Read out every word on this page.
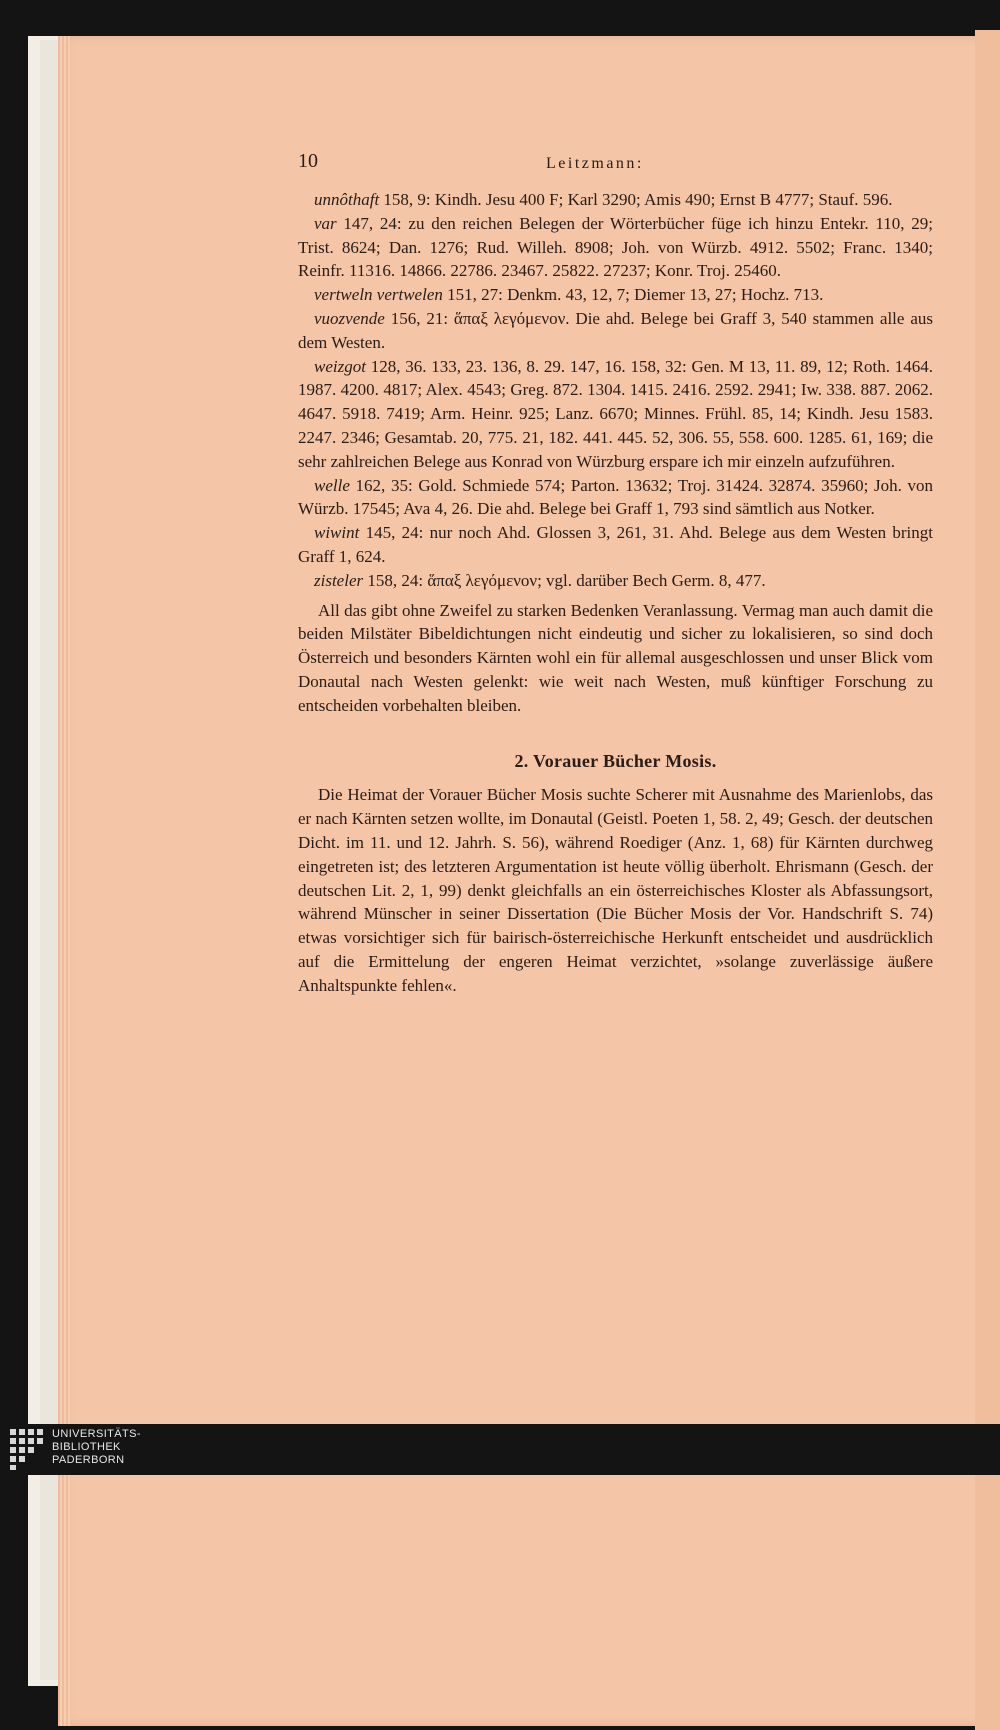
10	Leitzmann:

unnôthaft 158, 9: Kindh. Jesu 400 F; Karl 3290; Amis 490; Ernst B 4777; Stauf. 596.

var 147, 24: zu den reichen Belegen der Wörterbücher füge ich hinzu Entekr. 110, 29; Trist. 8624; Dan. 1276; Rud. Willeh. 8908; Joh. von Würzb. 4912. 5502; Franc. 1340; Reinfr. 11316. 14866. 22786. 23467. 25822. 27237; Konr. Troj. 25460.

vertweln vertwelen 151, 27: Denkm. 43, 12, 7; Diemer 13, 27; Hochz. 713.

vuozvende 156, 21: ἅπαξ λεγόμενον. Die ahd. Belege bei Graff 3, 540 stammen alle aus dem Westen.

weizgot 128, 36. 133, 23. 136, 8. 29. 147, 16. 158, 32: Gen. M 13, 11. 89, 12; Roth. 1464. 1987. 4200. 4817; Alex. 4543; Greg. 872. 1304. 1415. 2416. 2592. 2941; Iw. 338. 887. 2062. 4647. 5918. 7419; Arm. Heinr. 925; Lanz. 6670; Minnes. Frühl. 85, 14; Kindh. Jesu 1583. 2247. 2346; Gesamtab. 20, 775. 21, 182. 441. 445. 52, 306. 55, 558. 600. 1285. 61, 169; die sehr zahlreichen Belege aus Konrad von Würzburg erspare ich mir einzeln aufzuführen.

welle 162, 35: Gold. Schmiede 574; Parton. 13632; Troj. 31424. 32874. 35960; Joh. von Würzb. 17545; Ava 4, 26. Die ahd. Belege bei Graff 1, 793 sind sämtlich aus Notker.

wiwint 145, 24: nur noch Ahd. Glossen 3, 261, 31. Ahd. Belege aus dem Westen bringt Graff 1, 624.

zisteler 158, 24: ἅπαξ λεγόμενον; vgl. darüber Bech Germ. 8, 477.

All das gibt ohne Zweifel zu starken Bedenken Veranlassung. Vermag man auch damit die beiden Milstäter Bibeldichtungen nicht eindeutig und sicher zu lokalisieren, so sind doch Österreich und besonders Kärnten wohl ein für allemal ausgeschlossen und unser Blick vom Donautal nach Westen gelenkt: wie weit nach Westen, muß künftiger Forschung zu entscheiden vorbehalten bleiben.

2. Vorauer Bücher Mosis.

Die Heimat der Vorauer Bücher Mosis suchte Scherer mit Ausnahme des Marienlobs, das er nach Kärnten setzen wollte, im Donautal (Geistl. Poeten 1, 58. 2, 49; Gesch. der deutschen Dicht. im 11. und 12. Jahrh. S. 56), während Roediger (Anz. 1, 68) für Kärnten durchweg eingetreten ist; des letzteren Argumentation ist heute völlig überholt. Ehrismann (Gesch. der deutschen Lit. 2, 1, 99) denkt gleichfalls an ein österreichisches Kloster als Abfassungsort, während Münscher in seiner Dissertation (Die Bücher Mosis der Vor. Handschrift S. 74) etwas vorsichtiger sich für bairisch-österreichische Herkunft entscheidet und ausdrücklich auf die Ermittelung der engeren Heimat verzichtet, »solange zuverlässige äußere Anhaltspunkte fehlen«.

UNIVERSITÄTS-
BIBLIOTHEK
PADERBORN
